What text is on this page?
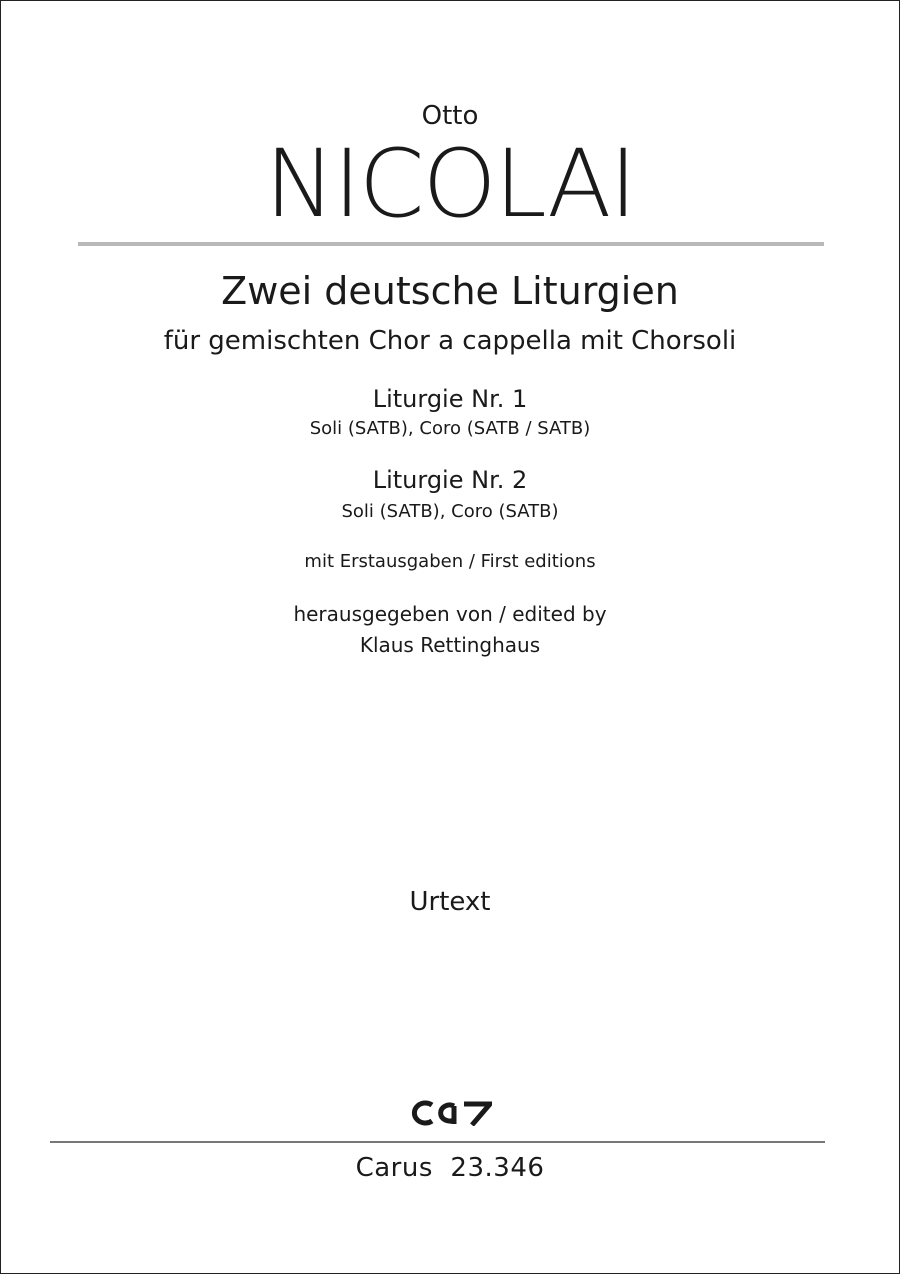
Otto
NICOLAI
Zwei deutsche Liturgien
für gemischten Chor a cappella mit Chorsoli
Liturgie Nr. 1
Soli (SATB), Coro (SATB / SATB)
Liturgie Nr. 2
Soli (SATB), Coro (SATB)
mit Erstausgaben / First editions
herausgegeben von / edited by
Klaus Rettinghaus
Urtext
Carus  23.346
